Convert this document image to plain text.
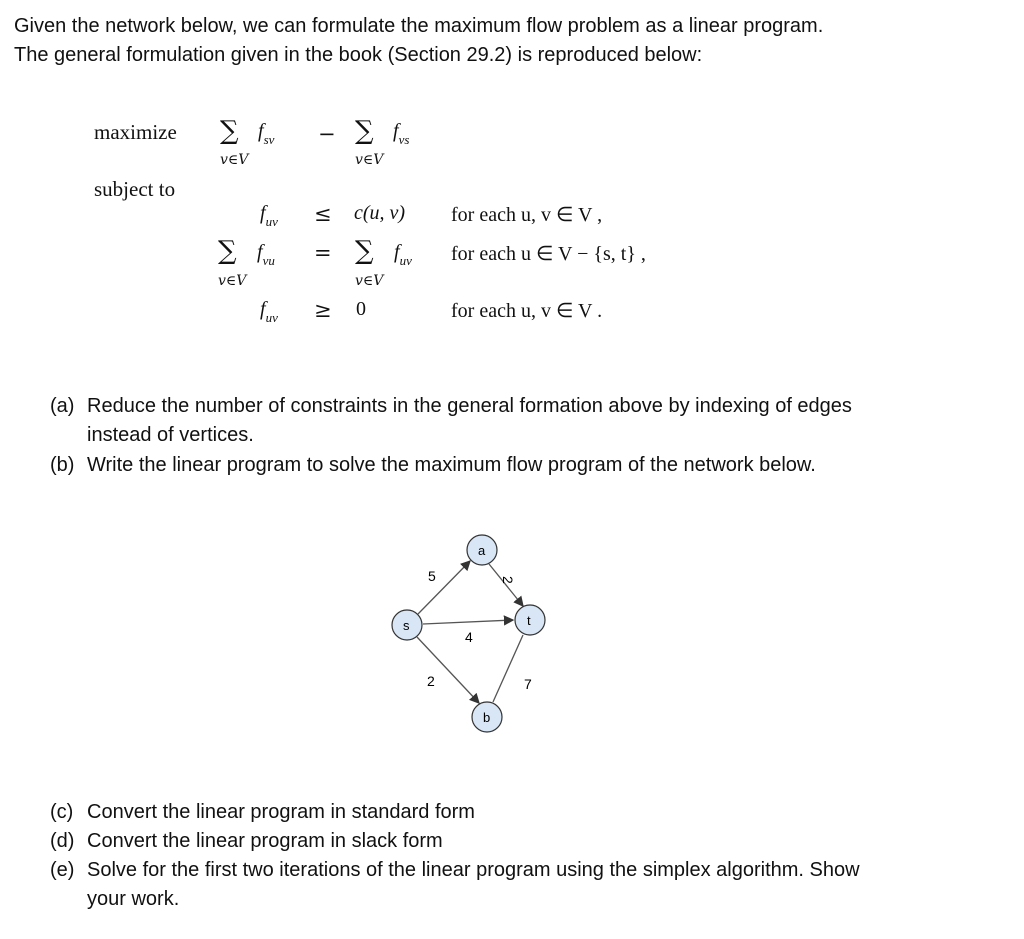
Given the network below, we can formulate the maximum flow problem as a linear program.
The general formulation given in the book (Section 29.2) is reproduced below:
maximize ∑ $f_{sv}$
v∈V
− ∑ $f_{vs}$
v∈V
subject to
$f_{uv} \le c(u$, v) for each u, v ∈ V ,
∑ $f_{vu}$
v∈V
= ∑ $f_{uv}$
v∈V
for each u ∈ V − {s, t} ,
$f_{uv} \ge 0$	for each u, v ∈ V .
(a) Reduce the number of constraints in the general formation above by indexing of edges
instead of vertices.
(b) Write the linear program to solve the maximum flow program of the network below.
5	2
4
2	7
s
a
t
b
(c) Convert the linear program in standard form
(d) Convert the linear program in slack form
(e) Solve for the first two iterations of the linear program using the simplex algorithm. Show
your work.
